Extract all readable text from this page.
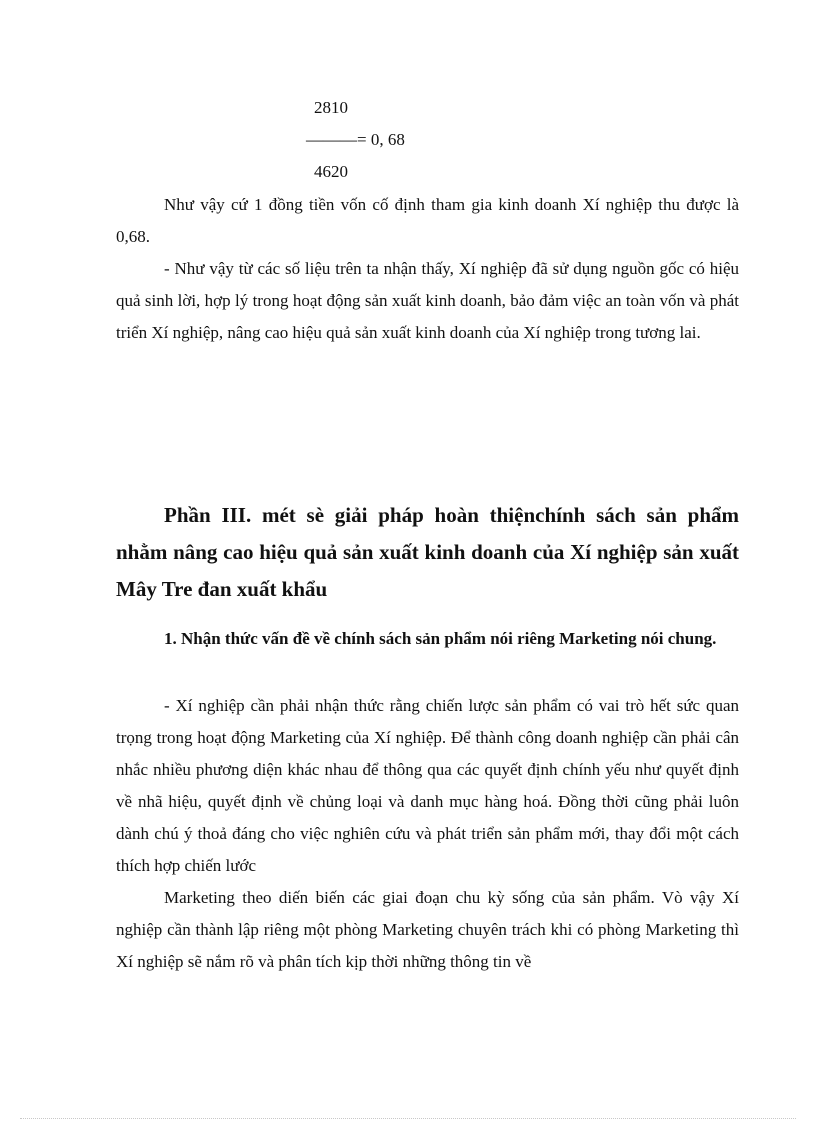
2810
———= 0, 68
4620

Như vậy cứ 1 đồng tiền vốn cố định tham gia kinh doanh Xí nghiệp thu được là 0,68.

- Như vậy từ các số liệu trên ta nhận thấy, Xí nghiệp đã sử dụng nguồn gốc có hiệu quả sinh lời, hợp lý trong hoạt động sản xuất kinh doanh, bảo đảm việc an toàn vốn và phát triển Xí nghiệp, nâng cao hiệu quả sản xuất kinh doanh của Xí nghiệp trong tương lai.

Phần III. mét sè giải pháp hoàn thiệnchính sách sản phẩm nhằm nâng cao hiệu quả sản xuất kinh doanh của Xí nghiệp sản xuất Mây Tre đan xuất khẩu
1. Nhận thức vấn đề về chính sách sản phẩm nói riêng Marketing nói chung.

- Xí nghiệp cần phải nhận thức rằng chiến lược sản phẩm có vai trò hết sức quan trọng trong hoạt động Marketing của Xí nghiệp. Để thành công doanh nghiệp cần phải cân nhắc nhiều phương diện khác nhau để thông qua các quyết định chính yếu như quyết định về nhã hiệu, quyết định về chủng loại và danh mục hàng hoá. Đồng thời cũng phải luôn dành chú ý thoả đáng cho việc nghiên cứu và phát triển sản phẩm mới, thay đổi một cách thích hợp chiến lước

Marketing theo diến biến các giai đoạn chu kỳ sống của sản phẩm. Vò vậy Xí nghiệp cần thành lập riêng một phòng Marketing chuyên trách khi có phòng Marketing thì Xí nghiệp sẽ nắm rõ và phân tích kịp thời những thông tin về
